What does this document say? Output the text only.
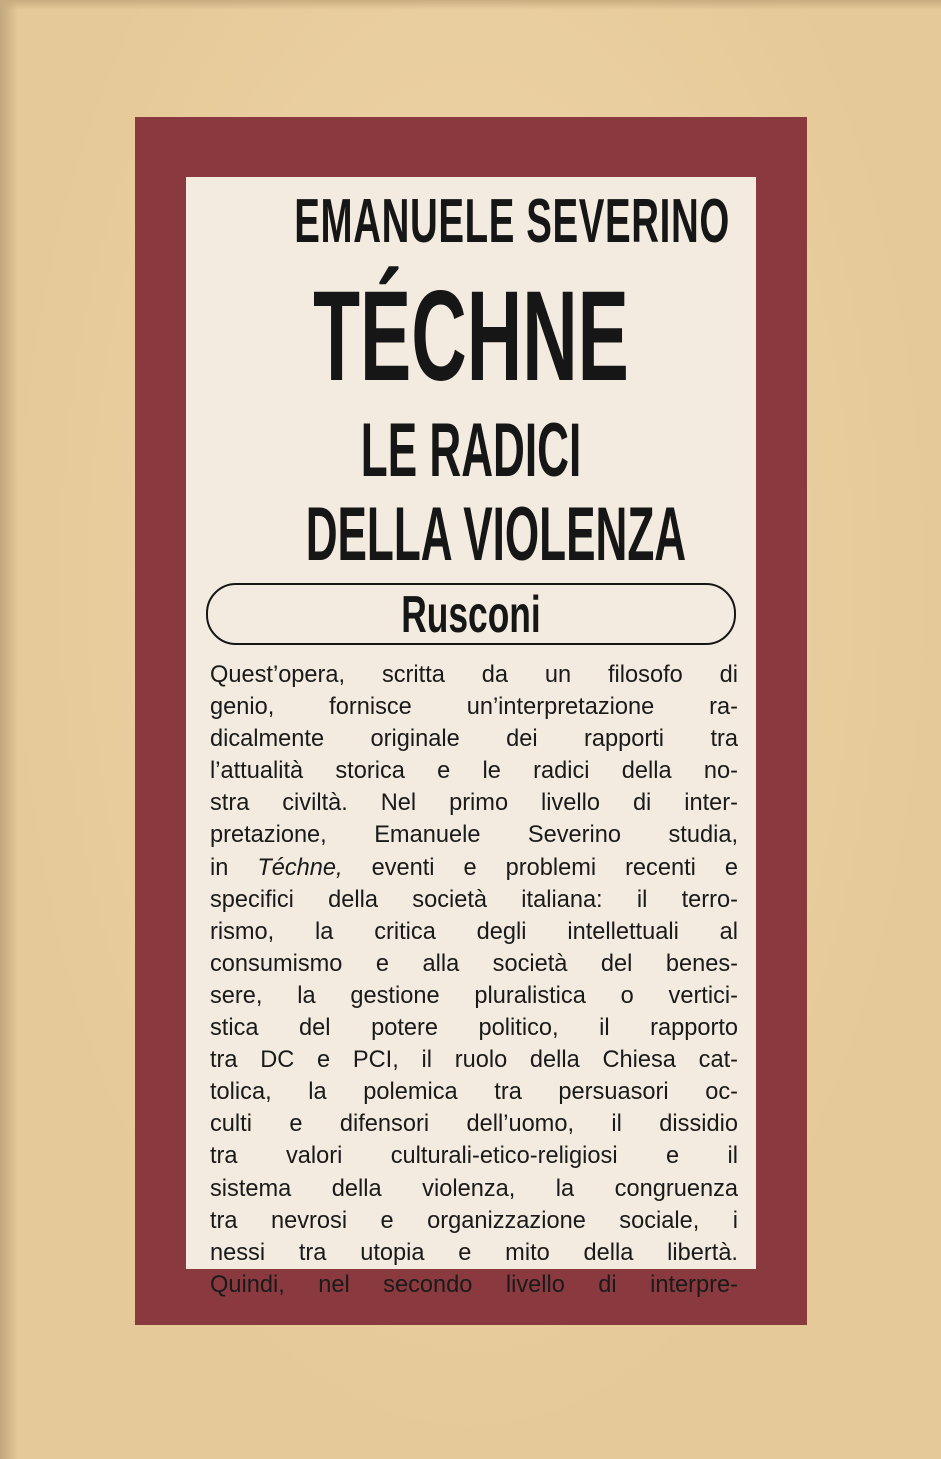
EMANUELE SEVERINO
TÉCHNE
LE RADICI
DELLA VIOLENZA
Rusconi
Quest’opera, scritta da un filosofo di
genio, fornisce un’interpretazione ra-
dicalmente originale dei rapporti tra
l’attualità storica e le radici della no-
stra civiltà. Nel primo livello di inter-
pretazione, Emanuele Severino studia,
in Téchne, eventi e problemi recenti e
specifici della società italiana: il terro-
rismo, la critica degli intellettuali al
consumismo e alla società del benes-
sere, la gestione pluralistica o vertici-
stica del potere politico, il rapporto
tra DC e PCI, il ruolo della Chiesa cat-
tolica, la polemica tra persuasori oc-
culti e difensori dell’uomo, il dissidio
tra valori culturali-etico-religiosi e il
sistema della violenza, la congruenza
tra nevrosi e organizzazione sociale, i
nessi tra utopia e mito della libertà.
Quindi, nel secondo livello di interpre-
